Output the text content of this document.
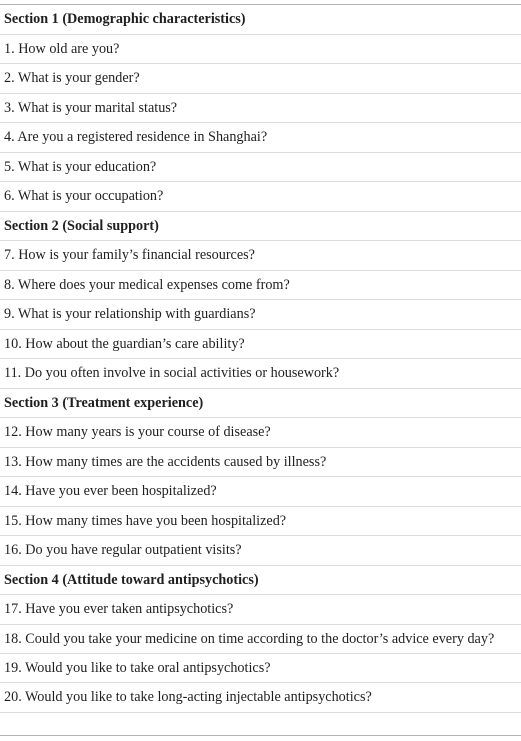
Section 1 (Demographic characteristics)
1. How old are you?
2. What is your gender?
3. What is your marital status?
4. Are you a registered residence in Shanghai?
5. What is your education?
6. What is your occupation?
Section 2 (Social support)
7. How is your family’s financial resources?
8. Where does your medical expenses come from?
9. What is your relationship with guardians?
10. How about the guardian’s care ability?
11. Do you often involve in social activities or housework?
Section 3 (Treatment experience)
12. How many years is your course of disease?
13. How many times are the accidents caused by illness?
14. Have you ever been hospitalized?
15. How many times have you been hospitalized?
16. Do you have regular outpatient visits?
Section 4 (Attitude toward antipsychotics)
17. Have you ever taken antipsychotics?
18. Could you take your medicine on time according to the doctor’s advice every day?
19. Would you like to take oral antipsychotics?
20. Would you like to take long-acting injectable antipsychotics?
